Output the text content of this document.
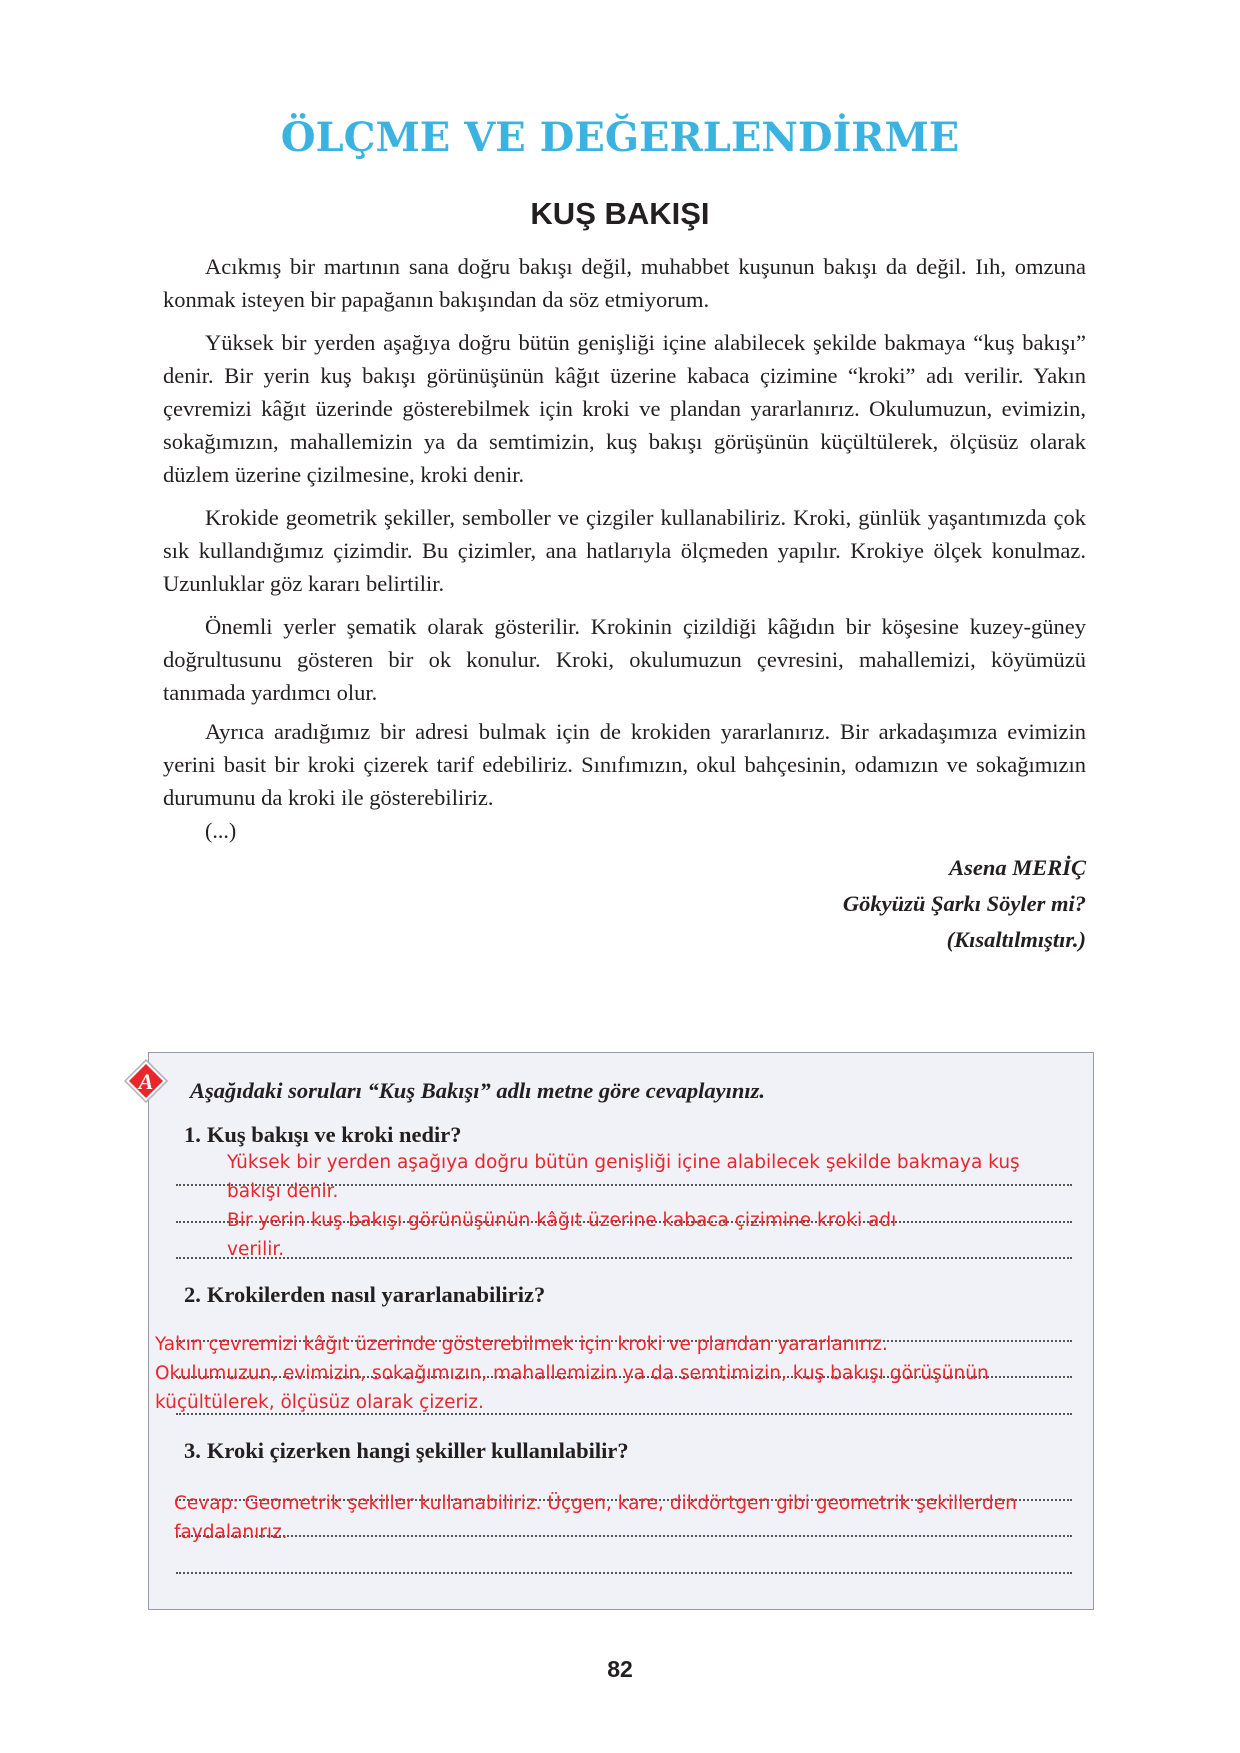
ÖLÇME VE DEĞERLENDİRME
KUŞ BAKIŞI

Acıkmış bir martının sana doğru bakışı değil, muhabbet kuşunun bakışı da değil. Iıh, omzuna konmak isteyen bir papağanın bakışından da söz etmiyorum.

Yüksek bir yerden aşağıya doğru bütün genişliği içine alabilecek şekilde bakmaya “kuş bakışı” denir. Bir yerin kuş bakışı görünüşünün kâğıt üzerine kabaca çizimine “kroki” adı verilir. Yakın çevremizi kâğıt üzerinde gösterebilmek için kroki ve plandan yararlanırız. Okulumuzun, evimizin, sokağımızın, mahallemizin ya da semtimizin, kuş bakışı görüşünün küçültülerek, ölçüsüz olarak düzlem üzerine çizilmesine, kroki denir.

Krokide geometrik şekiller, semboller ve çizgiler kullanabiliriz. Kroki, günlük yaşantımızda çok sık kullandığımız çizimdir. Bu çizimler, ana hatlarıyla ölçmeden yapılır. Krokiye ölçek konulmaz. Uzunluklar göz kararı belirtilir.

Önemli yerler şematik olarak gösterilir. Krokinin çizildiği kâğıdın bir köşesine kuzey-güney doğrultusunu gösteren bir ok konulur. Kroki, okulumuzun çevresini, mahallemizi, köyümüzü tanımada yardımcı olur.

Ayrıca aradığımız bir adresi bulmak için de krokiden yararlanırız. Bir arkadaşımıza evimizin yerini basit bir kroki çizerek tarif edebiliriz. Sınıfımızın, okul bahçesinin, odamızın ve sokağımızın durumunu da kroki ile gösterebiliriz.

(...)
Asena MERİÇ
Gökyüzü Şarkı Söyler mi?
(Kısaltılmıştır.)
A Aşağıdaki soruları “Kuş Bakışı” adlı metne göre cevaplayınız.
1. Kuş bakışı ve kroki nedir?
Yüksek bir yerden aşağıya doğru bütün genişliği içine alabilecek şekilde bakmaya kuş
bakışı denir.
Bir yerin kuş bakışı görünüşünün kâğıt üzerine kabaca çizimine kroki adı
verilir.
2. Krokilerden nasıl yararlanabiliriz?
Yakın çevremizi kâğıt üzerinde gösterebilmek için kroki ve plandan yararlanırız.
Okulumuzun, evimizin, sokağımızın, mahallemizin ya da semtimizin, kuş bakışı görüşünün
küçültülerek, ölçüsüz olarak çizeriz.
3. Kroki çizerken hangi şekiller kullanılabilir?
Cevap: Geometrik şekiller kullanabiliriz. Üçgen, kare, dikdörtgen gibi geometrik şekillerden
faydalanırız.
82
